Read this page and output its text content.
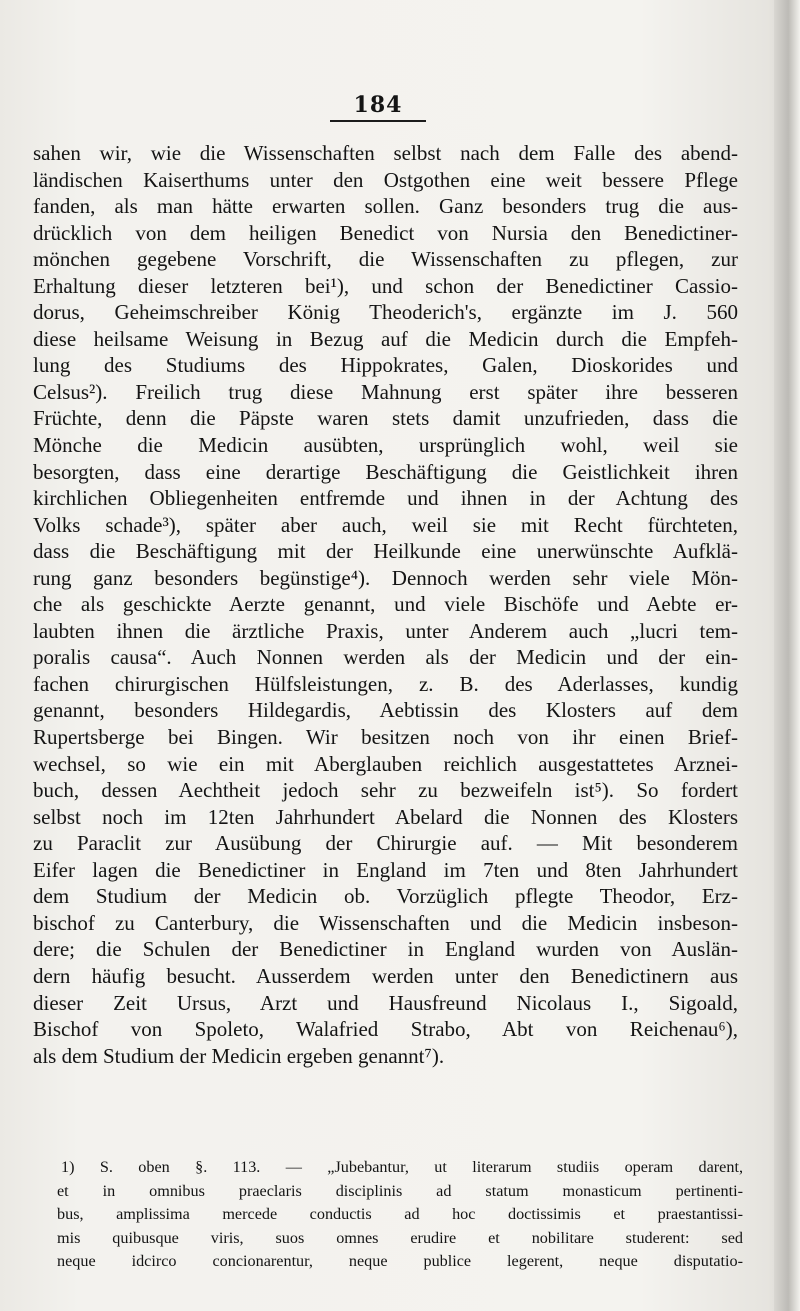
184
sahen wir, wie die Wissenschaften selbst nach dem Falle des abend-
ländischen Kaiserthums unter den Ostgothen eine weit bessere Pflege
fanden, als man hätte erwarten sollen. Ganz besonders trug die aus-
drücklich von dem heiligen Benedict von Nursia den Benedictiner-
mönchen gegebene Vorschrift, die Wissenschaften zu pflegen, zur
Erhaltung dieser letzteren bei¹), und schon der Benedictiner Cassio-
dorus, Geheimschreiber König Theoderich's, ergänzte im J. 560
diese heilsame Weisung in Bezug auf die Medicin durch die Empfeh-
lung des Studiums des Hippokrates, Galen, Dioskorides und
Celsus²). Freilich trug diese Mahnung erst später ihre besseren
Früchte, denn die Päpste waren stets damit unzufrieden, dass die
Mönche die Medicin ausübten, ursprünglich wohl, weil sie
besorgten, dass eine derartige Beschäftigung die Geistlichkeit ihren
kirchlichen Obliegenheiten entfremde und ihnen in der Achtung des
Volks schade³), später aber auch, weil sie mit Recht fürchteten,
dass die Beschäftigung mit der Heilkunde eine unerwünschte Aufklä-
rung ganz besonders begünstige⁴). Dennoch werden sehr viele Mön-
che als geschickte Aerzte genannt, und viele Bischöfe und Aebte er-
laubten ihnen die ärztliche Praxis, unter Anderem auch „lucri tem-
poralis causa“. Auch Nonnen werden als der Medicin und der ein-
fachen chirurgischen Hülfsleistungen, z. B. des Aderlasses, kundig
genannt, besonders Hildegardis, Aebtissin des Klosters auf dem
Rupertsberge bei Bingen. Wir besitzen noch von ihr einen Brief-
wechsel, so wie ein mit Aberglauben reichlich ausgestattetes Arznei-
buch, dessen Aechtheit jedoch sehr zu bezweifeln ist⁵). So fordert
selbst noch im 12ten Jahrhundert Abelard die Nonnen des Klosters
zu Paraclit zur Ausübung der Chirurgie auf. — Mit besonderem
Eifer lagen die Benedictiner in England im 7ten und 8ten Jahrhundert
dem Studium der Medicin ob. Vorzüglich pflegte Theodor, Erz-
bischof zu Canterbury, die Wissenschaften und die Medicin insbeson-
dere; die Schulen der Benedictiner in England wurden von Auslän-
dern häufig besucht. Ausserdem werden unter den Benedictinern aus
dieser Zeit Ursus, Arzt und Hausfreund Nicolaus I., Sigoald,
Bischof von Spoleto, Walafried Strabo, Abt von Reichenau⁶),
als dem Studium der Medicin ergeben genannt⁷).
1) S. oben §. 113. — „Jubebantur, ut literarum studiis operam darent,
et in omnibus praeclaris disciplinis ad statum monasticum pertinenti-
bus, amplissima mercede conductis ad hoc doctissimis et praestantissi-
mis quibusque viris, suos omnes erudire et nobilitare studerent: sed
neque idcirco concionarentur, neque publice legerent, neque disputatio-
